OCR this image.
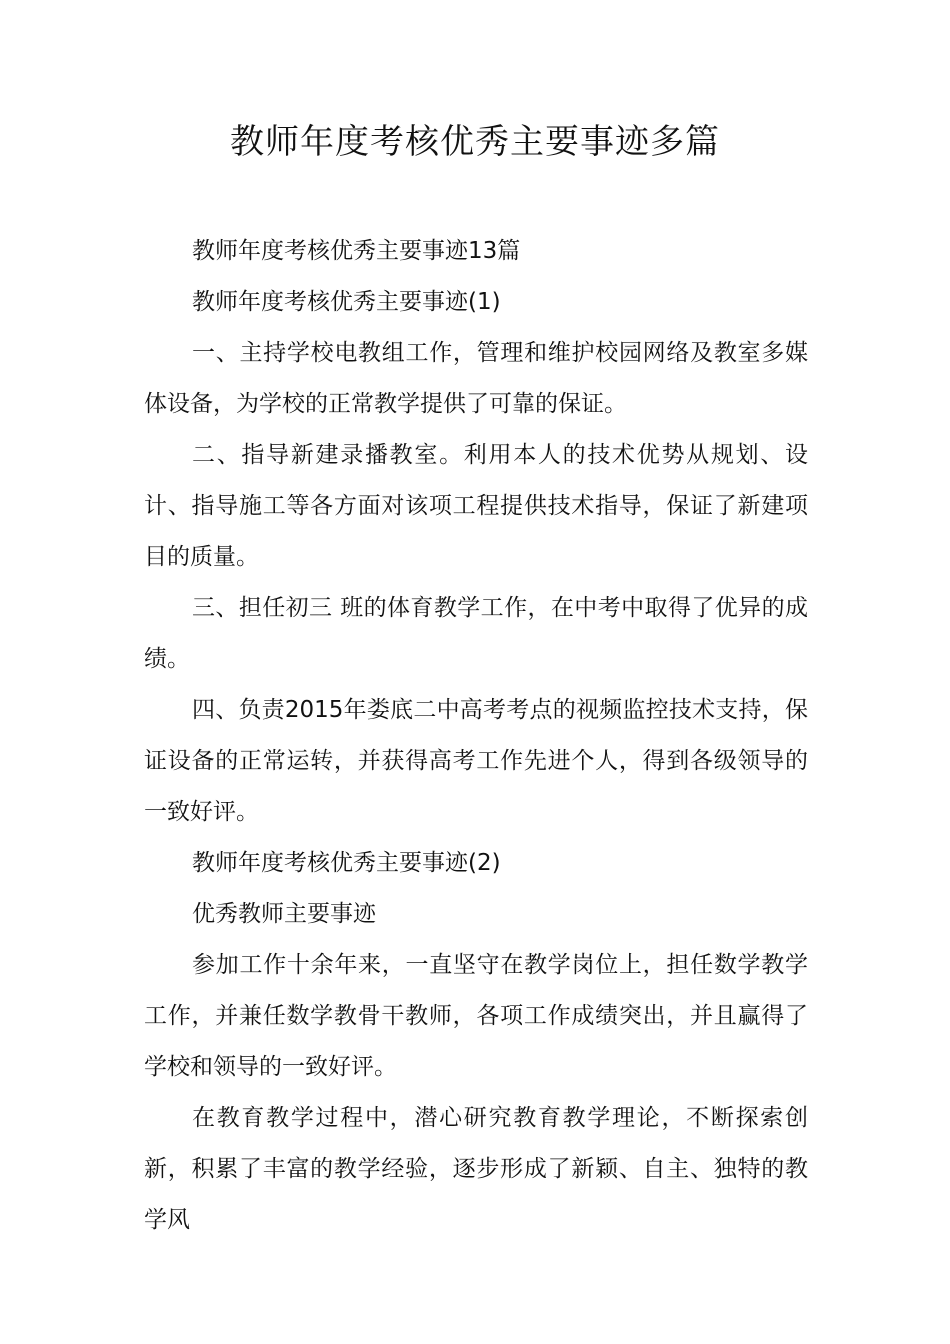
教师年度考核优秀主要事迹多篇

教师年度考核优秀主要事迹13篇

教师年度考核优秀主要事迹(1)

一、主持学校电教组工作，管理和维护校园网络及教室多媒体设备，为学校的正常教学提供了可靠的保证。

二、指导新建录播教室。利用本人的技术优势从规划、设计、指导施工等各方面对该项工程提供技术指导，保证了新建项目的质量。

三、担任初三 班的体育教学工作，在中考中取得了优异的成绩。

四、负责2015年娄底二中高考考点的视频监控技术支持，保证设备的正常运转，并获得高考工作先进个人，得到各级领导的一致好评。

教师年度考核优秀主要事迹(2)

优秀教师主要事迹

参加工作十余年来，一直坚守在教学岗位上，担任数学教学工作，并兼任数学教骨干教师，各项工作成绩突出，并且赢得了学校和领导的一致好评。

在教育教学过程中，潜心研究教育教学理论，不断探索创新，积累了丰富的教学经验，逐步形成了新颖、自主、独特的教学风
